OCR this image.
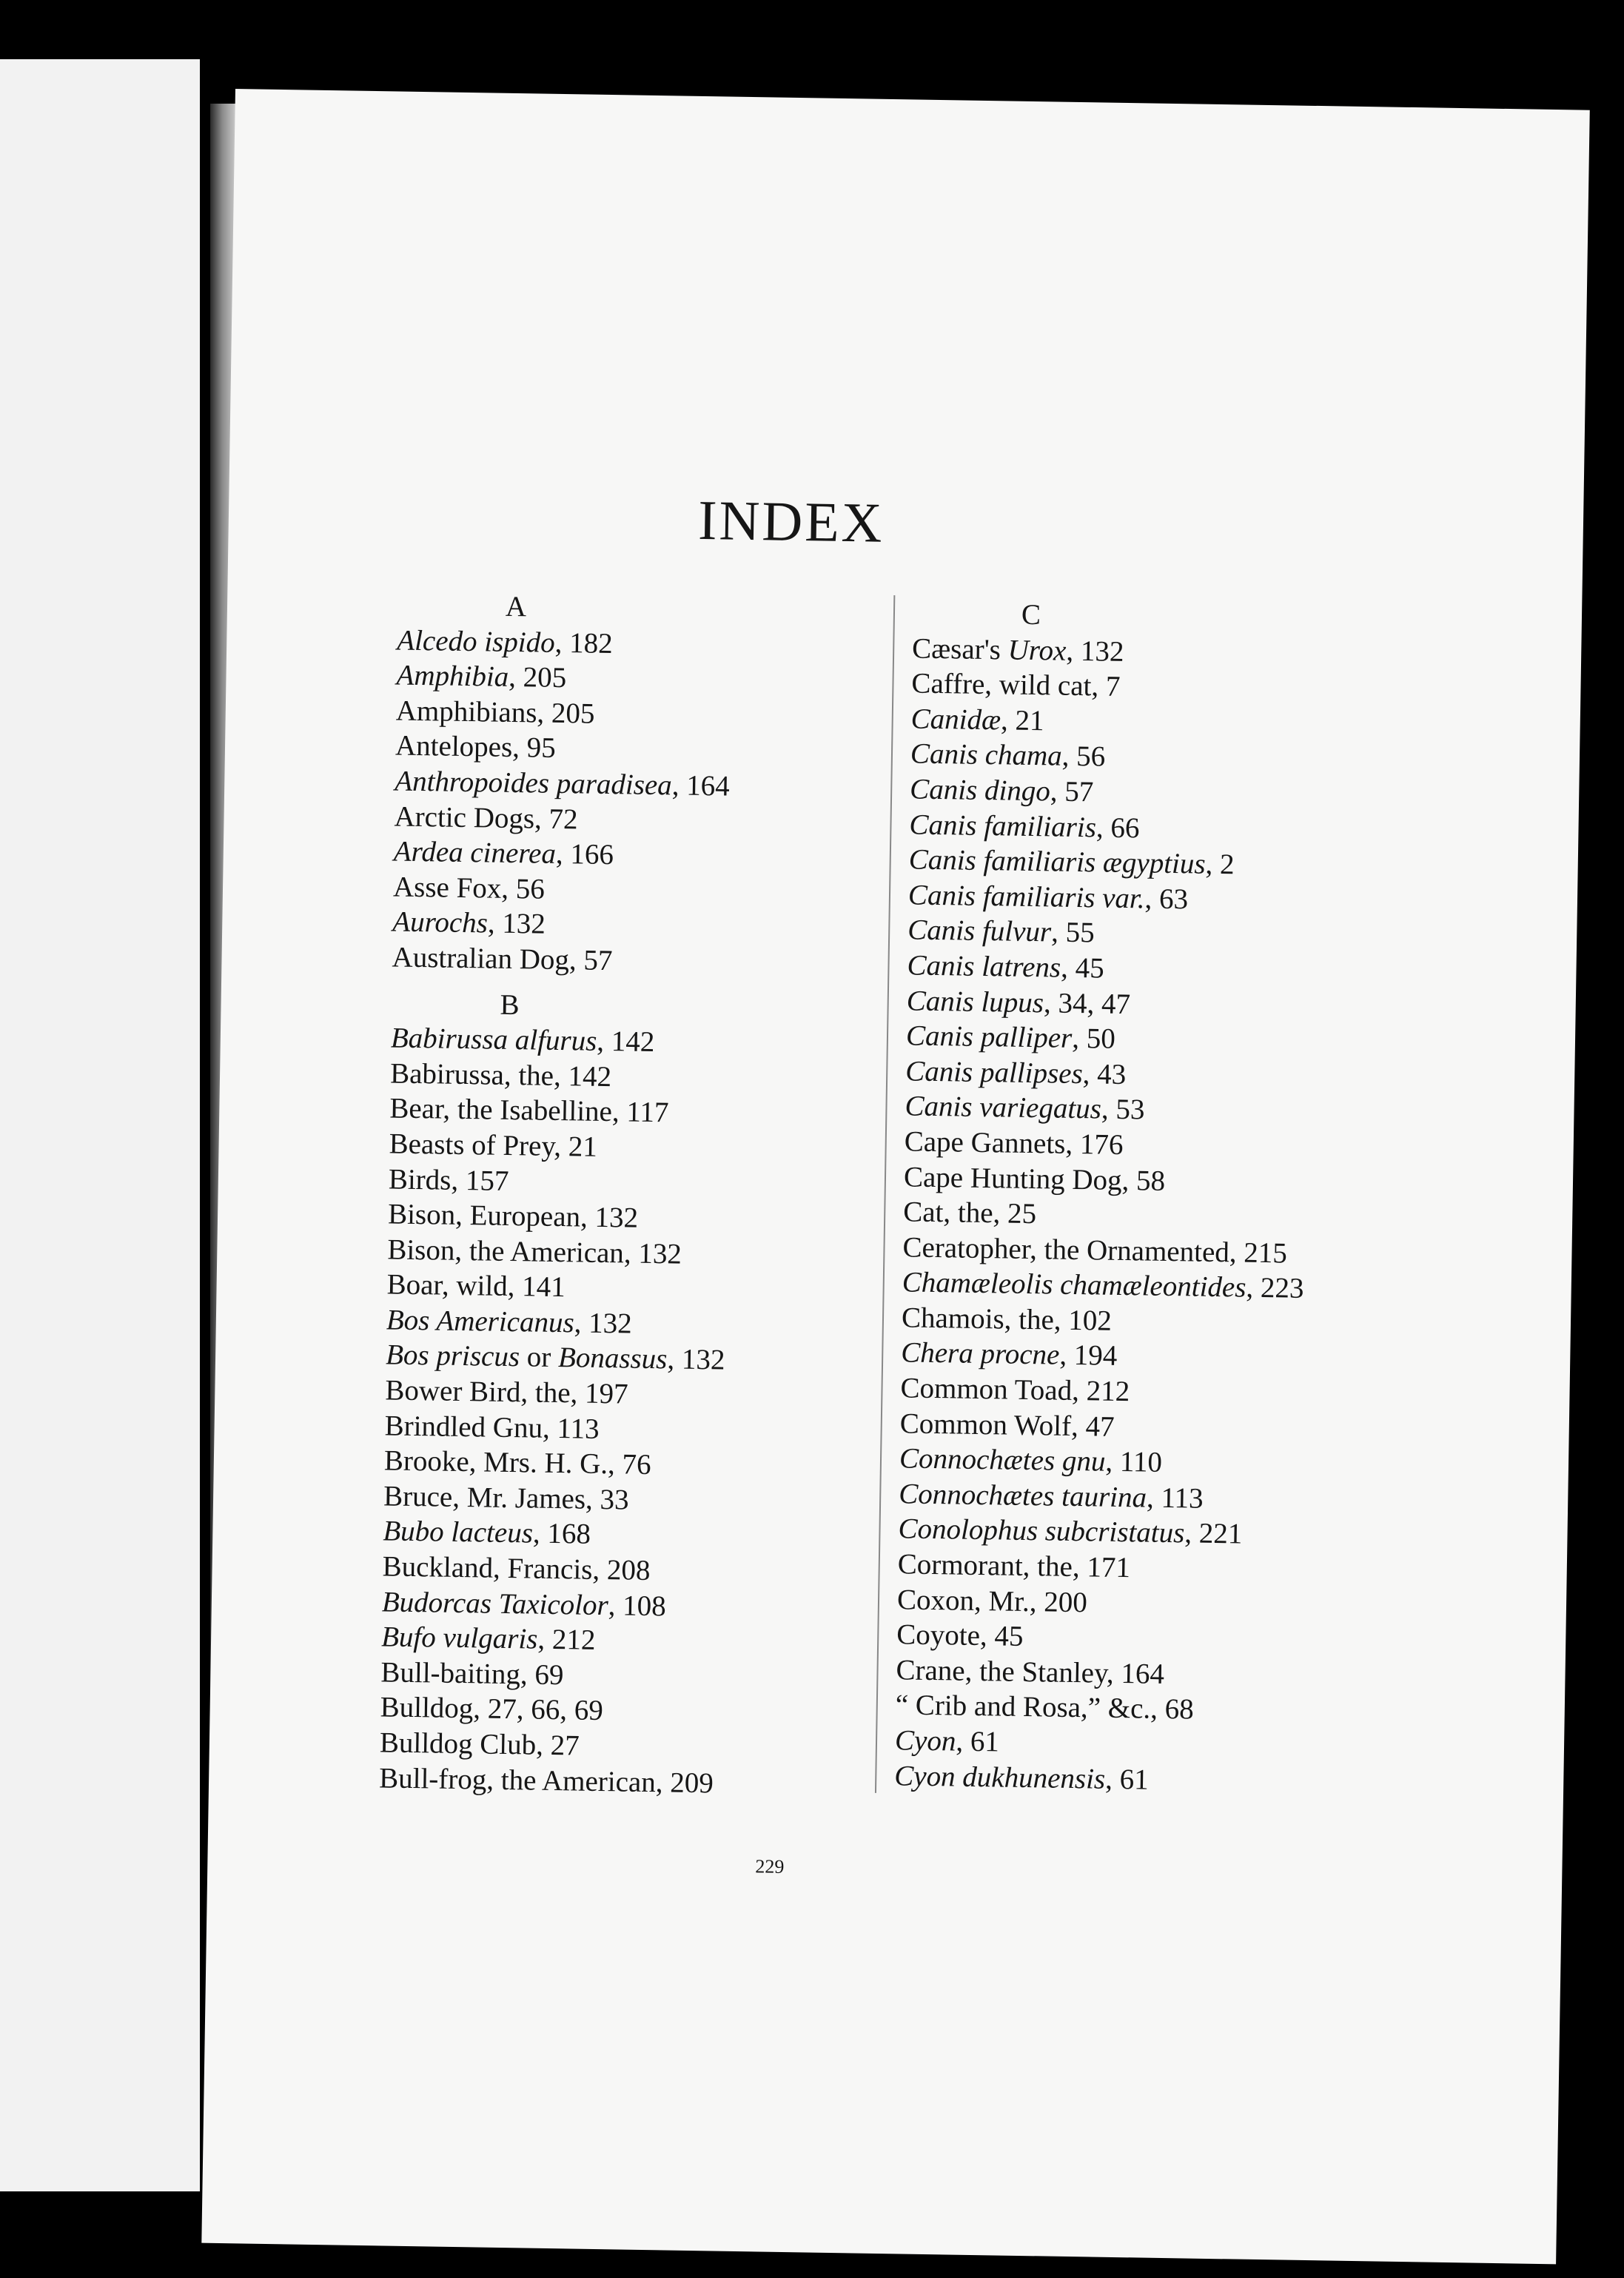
INDEX
A
Alcedo ispido, 182
Amphibia, 205
Amphibians, 205
Antelopes, 95
Anthropoides paradisea, 164
Arctic Dogs, 72
Ardea cinerea, 166
Asse Fox, 56
Aurochs, 132
Australian Dog, 57
B
Babirussa alfurus, 142
Babirussa, the, 142
Bear, the Isabelline, 117
Beasts of Prey, 21
Birds, 157
Bison, European, 132
Bison, the American, 132
Boar, wild, 141
Bos Americanus, 132
Bos priscus or Bonassus, 132
Bower Bird, the, 197
Brindled Gnu, 113
Brooke, Mrs. H. G., 76
Bruce, Mr. James, 33
Bubo lacteus, 168
Buckland, Francis, 208
Budorcas Taxicolor, 108
Bufo vulgaris, 212
Bull-baiting, 69
Bulldog, 27, 66, 69
Bulldog Club, 27
Bull-frog, the American, 209
C
Cæsar's Urox, 132
Caffre, wild cat, 7
Canidæ, 21
Canis chama, 56
Canis dingo, 57
Canis familiaris, 66
Canis familiaris ægyptius, 2
Canis familiaris var., 63
Canis fulvur, 55
Canis latrens, 45
Canis lupus, 34, 47
Canis palliper, 50
Canis pallipses, 43
Canis variegatus, 53
Cape Gannets, 176
Cape Hunting Dog, 58
Cat, the, 25
Ceratopher, the Ornamented, 215
Chamæleolis chamæleontides, 223
Chamois, the, 102
Chera procne, 194
Common Toad, 212
Common Wolf, 47
Connochætes gnu, 110
Connochætes taurina, 113
Conolophus subcristatus, 221
Cormorant, the, 171
Coxon, Mr., 200
Coyote, 45
Crane, the Stanley, 164
“ Crib and Rosa,” &c., 68
Cyon, 61
Cyon dukhunensis, 61
229
